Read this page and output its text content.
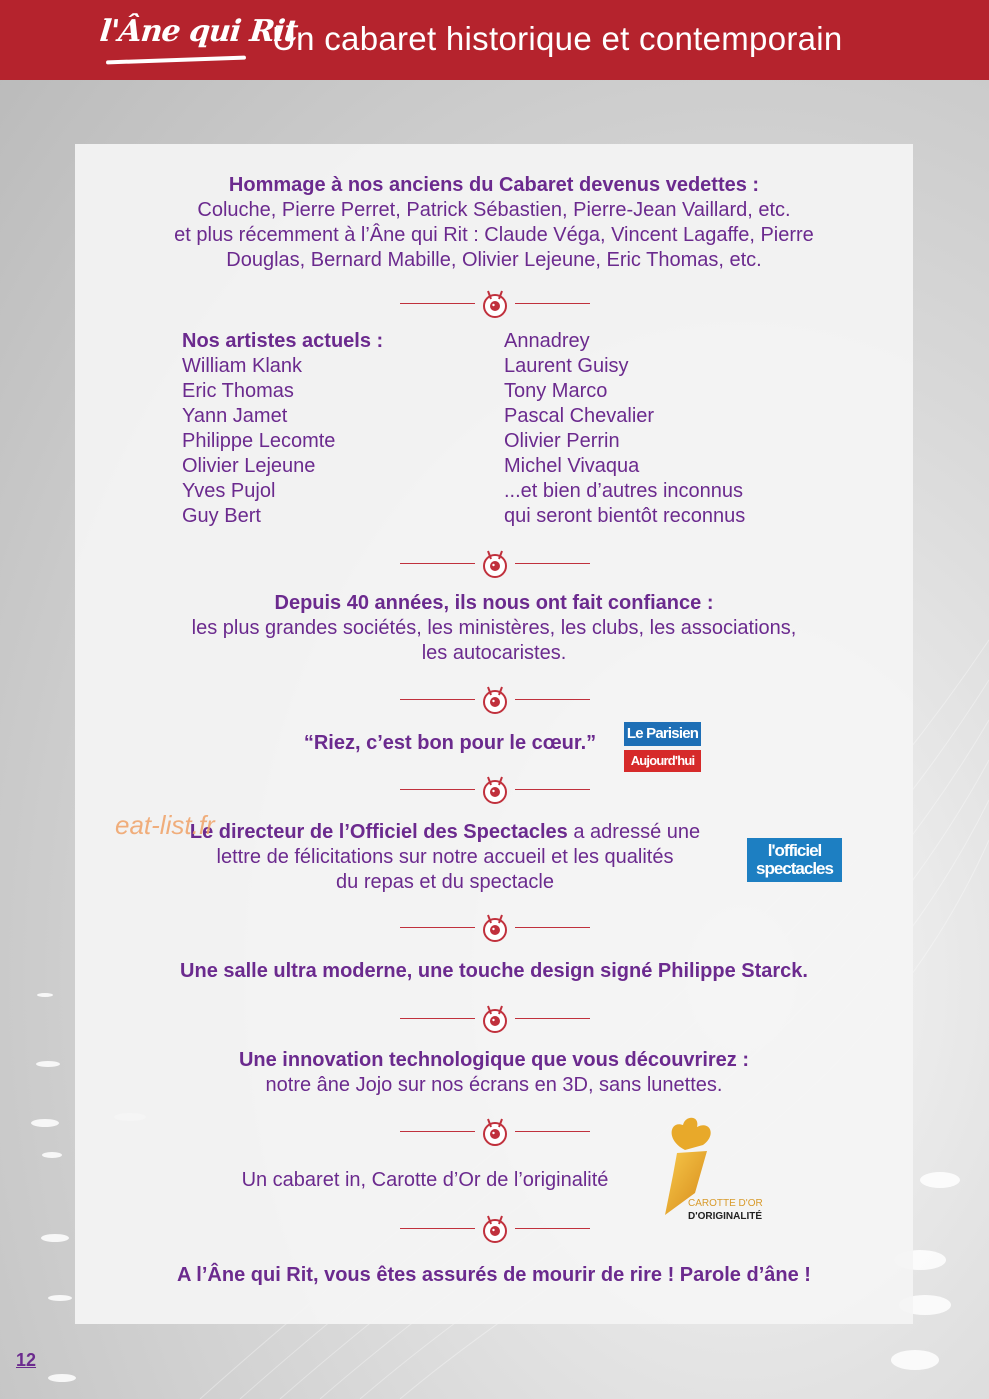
l'Âne qui Rit
Un cabaret historique et contemporain
Hommage à nos anciens du Cabaret devenus vedettes :
Coluche, Pierre Perret, Patrick Sébastien, Pierre-Jean Vaillard, etc.
et plus récemment à l’Âne qui Rit : Claude Véga, Vincent Lagaffe, Pierre
Douglas, Bernard Mabille, Olivier Lejeune, Eric Thomas, etc.
Nos artistes actuels :
William Klank
Eric Thomas
Yann Jamet
Philippe Lecomte
Olivier Lejeune
Yves Pujol
Guy Bert
Annadrey
Laurent Guisy
Tony Marco
Pascal Chevalier
Olivier Perrin
Michel Vivaqua
...et bien d’autres inconnus
qui seront bientôt reconnus
Depuis 40 années, ils nous ont fait confiance :
les plus grandes sociétés, les ministères, les clubs, les associations,
les autocaristes.
“Riez, c’est bon pour le cœur.”	Le Parisien
Aujourd'hui
Le directeur de l’Officiel des Spectacles a adressé une
lettre de félicitations sur notre accueil et les qualités
du repas et du spectacle
l'officiel
spectacles
eat-list.fr
Une salle ultra moderne, une touche design signé Philippe Starck.
Une innovation technologique que vous découvrirez :
notre âne Jojo sur nos écrans en 3D, sans lunettes.
Un cabaret in, Carotte d’Or de l’originalité
CAROTTE D'OR
D'ORIGINALITÉ
A l’Âne qui Rit, vous êtes assurés de mourir de rire ! Parole d’âne !
12
